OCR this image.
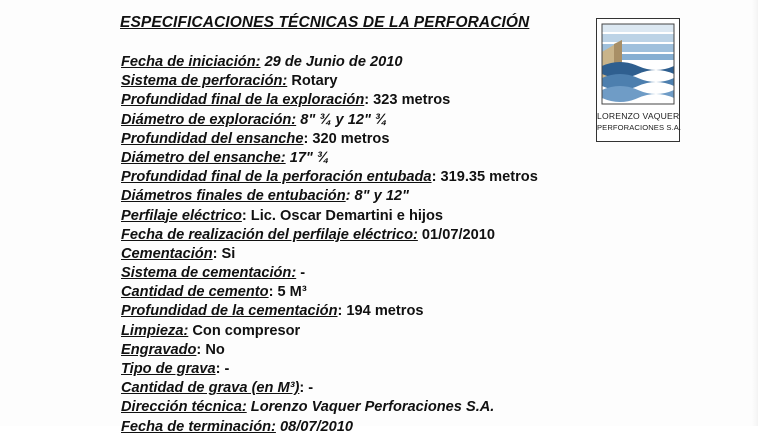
ESPECIFICACIONES TÉCNICAS DE LA PERFORACIÓN
Fecha de iniciación: 29 de Junio de 2010
Sistema de perforación: Rotary
Profundidad final de la exploración: 323 metros
Diámetro de exploración: 8" ¾ y 12" ¾
Profundidad del ensanche: 320 metros
Diámetro del ensanche: 17" ¾
Profundidad final de la perforación entubada: 319.35 metros
Diámetros finales de entubación: 8" y 12"
Perfilaje eléctrico: Lic. Oscar Demartini e hijos
Fecha de realización del perfilaje eléctrico: 01/07/2010
Cementación: Si
Sistema de cementación: -
Cantidad de cemento: 5 M³
Profundidad de la cementación: 194 metros
Limpieza: Con compresor
Engravado: No
Tipo de grava: -
Cantidad de grava (en M³): -
Dirección técnica: Lorenzo Vaquer Perforaciones S.A.
Fecha de terminación: 08/07/2010
LORENZO VAQUER
PERFORACIONES S.A.
